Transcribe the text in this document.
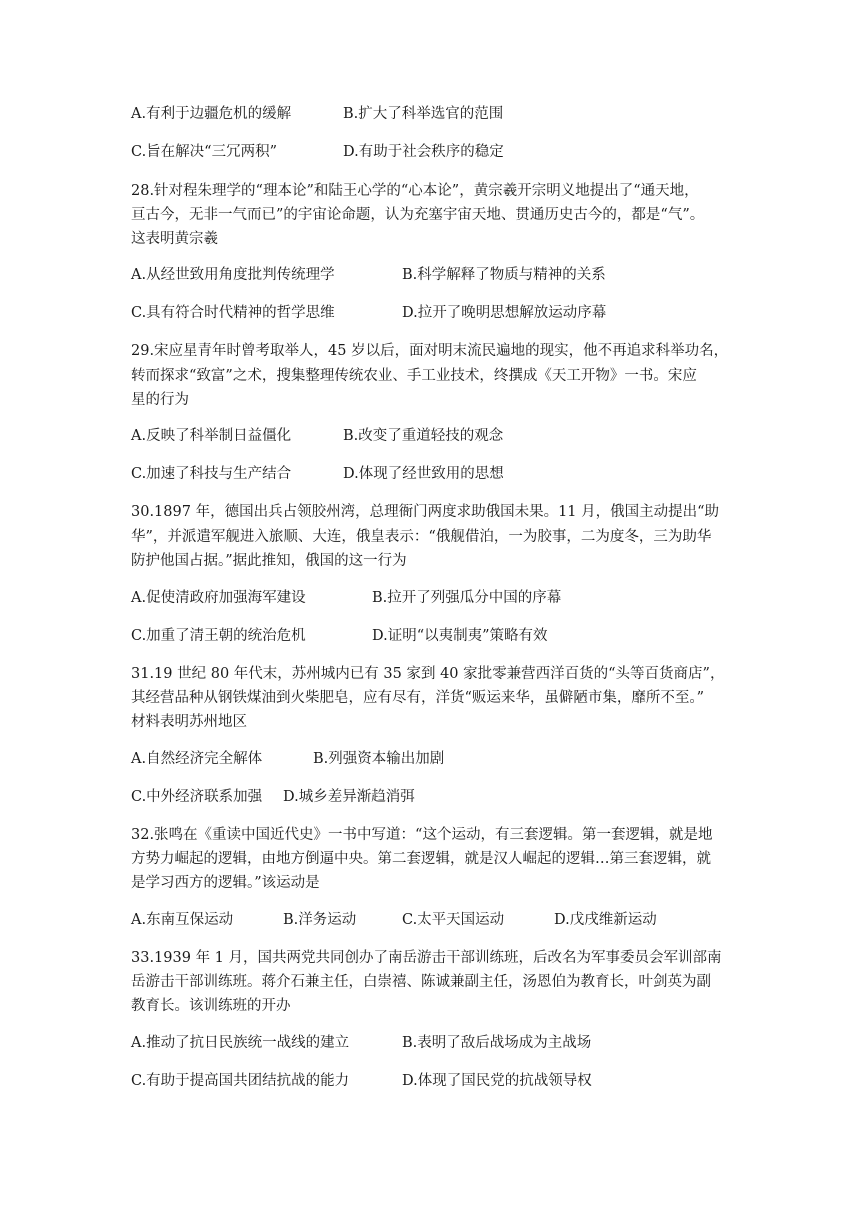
A.有利于边疆危机的缓解	B.扩大了科举选官的范围
C.旨在解决“三冗两积”	D.有助于社会秩序的稳定
28.针对程朱理学的“理本论”和陆王心学的“心本论”，黄宗羲开宗明义地提出了“通天地，
亘古今，无非一气而已”的宇宙论命题，认为充塞宇宙天地、贯通历史古今的，都是“气”。
这表明黄宗羲
A.从经世致用角度批判传统理学	B.科学解释了物质与精神的关系
C.具有符合时代精神的哲学思维	D.拉开了晚明思想解放运动序幕
29.宋应星青年时曾考取举人，45 岁以后，面对明末流民遍地的现实，他不再追求科举功名，
转而探求“致富”之术，搜集整理传统农业、手工业技术，终撰成《天工开物》一书。宋应
星的行为
A.反映了科举制日益僵化	B.改变了重道轻技的观念
C.加速了科技与生产结合	D.体现了经世致用的思想
30.1897 年，德国出兵占领胶州湾，总理衙门两度求助俄国未果。11 月，俄国主动提出“助
华”，并派遣军舰进入旅顺、大连，俄皇表示：“俄舰借泊，一为胶事，二为度冬，三为助华
防护他国占据。”据此推知，俄国的这一行为
A.促使清政府加强海军建设	B.拉开了列强瓜分中国的序幕
C.加重了清王朝的统治危机	D.证明“以夷制夷”策略有效
31.19 世纪 80 年代末，苏州城内已有 35 家到 40 家批零兼营西洋百货的“头等百货商店”，
其经营品种从钢铁煤油到火柴肥皂，应有尽有，洋货“贩运来华，虽僻陋市集，靡所不至。”
材料表明苏州地区
A.自然经济完全解体	B.列强资本输出加剧
C.中外经济联系加强 D.城乡差异渐趋消弭
32.张鸣在《重读中国近代史》一书中写道：“这个运动，有三套逻辑。第一套逻辑，就是地
方势力崛起的逻辑，由地方倒逼中央。第二套逻辑，就是汉人崛起的逻辑…第三套逻辑，就
是学习西方的逻辑。”该运动是
A.东南互保运动	B.洋务运动	C.太平天国运动	D.戊戌维新运动
33.1939 年 1 月，国共两党共同创办了南岳游击干部训练班，后改名为军事委员会军训部南
岳游击干部训练班。蒋介石兼主任，白崇禧、陈诚兼副主任，汤恩伯为教育长，叶剑英为副
教育长。该训练班的开办
A.推动了抗日民族统一战线的建立	B.表明了敌后战场成为主战场
C.有助于提高国共团结抗战的能力	D.体现了国民党的抗战领导权
